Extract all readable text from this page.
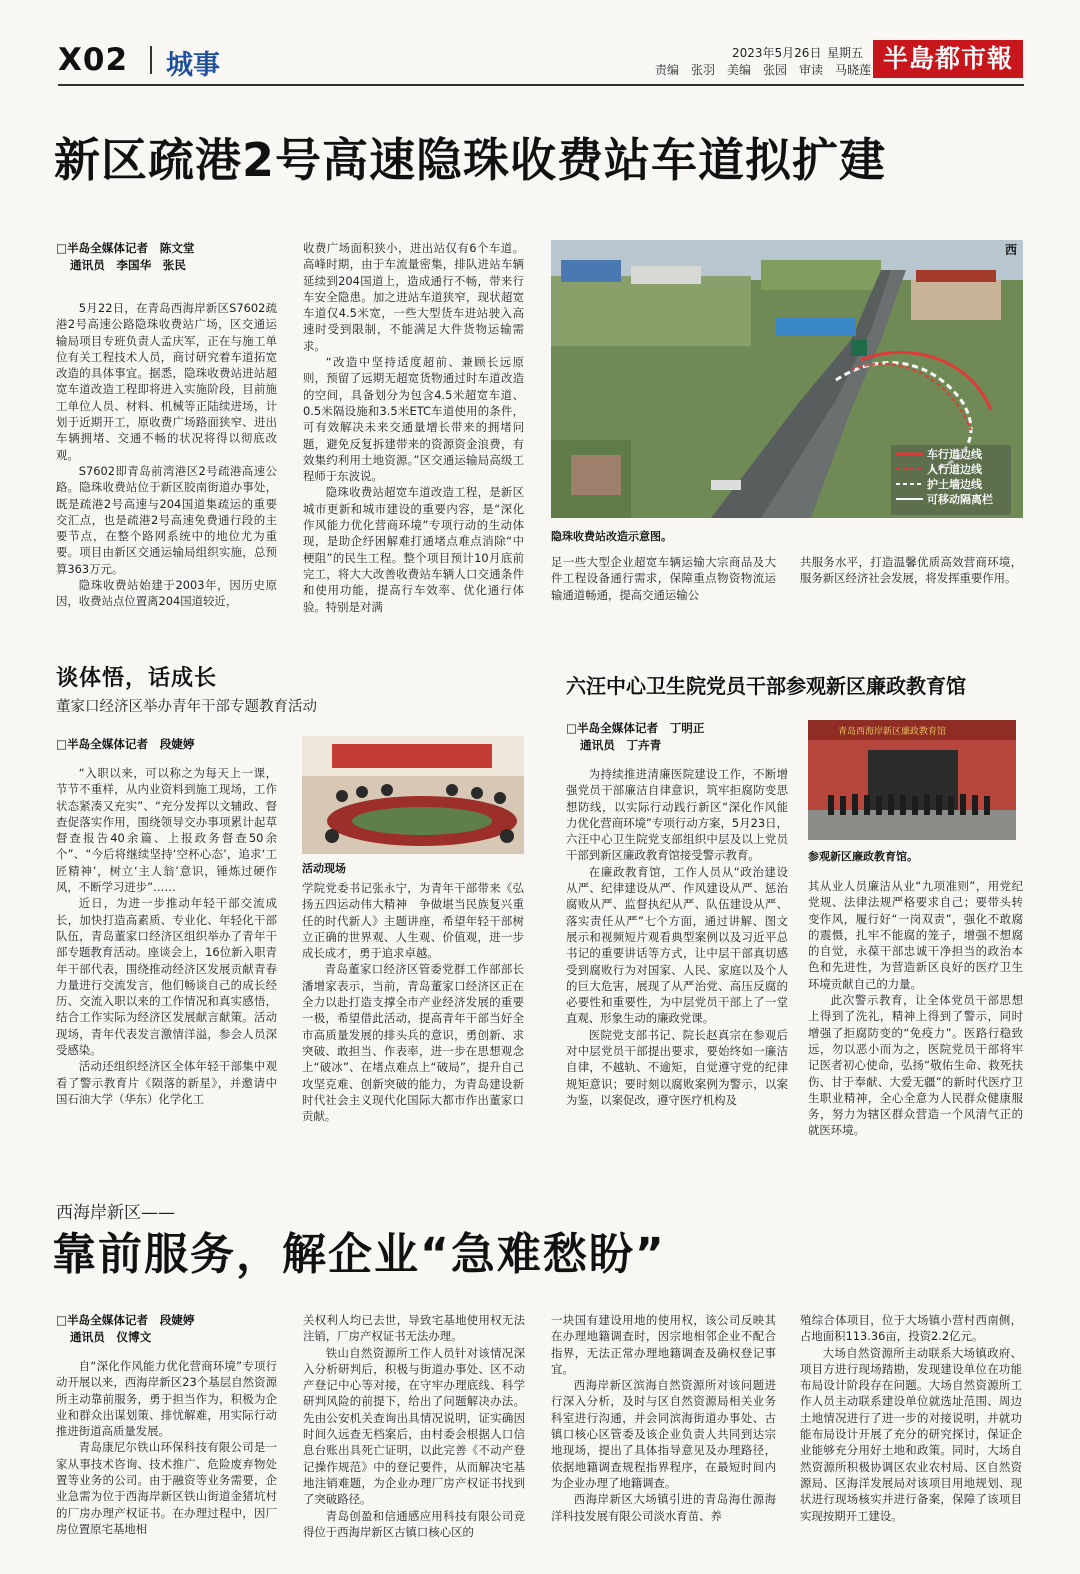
X02 城事	2023年5月26日 星期五
责编　张羽　美编　张园　审读　马晓莲 半島都市報
新区疏港2号高速隐珠收费站车道拟扩建
□半岛全媒体记者　陈文堂
通讯员　李国华　张民

5月22日，在青岛西海岸新区S7602疏港2号高速公路隐珠收费站广场，区交通运输局项目专班负责人孟庆军，正在与施工单位有关工程技术人员，商讨研究着车道拓宽改造的具体事宜。据悉，隐珠收费站进站超宽车道改造工程即将进入实施阶段，目前施工单位人员、材料、机械等正陆续进场，计划于近期开工，原收费广场路面狭窄、进出车辆拥堵、交通不畅的状况将得以彻底改观。

S7602即青岛前湾港区2号疏港高速公路。隐珠收费站位于新区胶南街道办事处，既是疏港2号高速与204国道集疏运的重要交汇点，也是疏港2号高速免费通行段的主要节点，在整个路网系统中的地位尤为重要。项目由新区交通运输局组织实施，总预算363万元。

隐珠收费站始建于2003年，因历史原因，收费站点位置离204国道较近，

收费广场面积狭小，进出站仅有6个车道。高峰时期，由于车流量密集，排队进站车辆延续到204国道上，造成通行不畅，带来行车安全隐患。加之进站车道狭窄，现状超宽车道仅4.5米宽，一些大型货车进站驶入高速时受到限制，不能满足大件货物运输需求。

“改造中坚持适度超前、兼顾长远原则，预留了远期无超宽货物通过时车道改造的空间，具备划分为包含4.5米超宽车道、0.5米隔设施和3.5米ETC车道使用的条件，可有效解决未来交通量增长带来的拥堵问题，避免反复拆建带来的资源资金浪费，有效集约利用土地资源。”区交通运输局高级工程师于东波说。

隐珠收费站超宽车道改造工程，是新区城市更新和城市建设的重要内容，是“深化作风能力优化营商环境”专项行动的生动体现，是助企纾困解难打通堵点难点消除“中梗阻”的民生工程。整个项目预计10月底前完工，将大大改善收费站车辆人口交通条件和使用功能，提高行车效率、优化通行体验。特别是对满

车行道边线
人行道边线
护土墙边线
可移动隔离栏
西
隐珠收费站改造示意图。

足一些大型企业超宽车辆运输大宗商品及大件工程设备通行需求，保障重点物资物流运输通道畅通，提高交通运输公

共服务水平，打造温馨优质高效营商环境，服务新区经济社会发展，将发挥重要作用。

谈体悟，话成长
董家口经济区举办青年干部专题教育活动
□半岛全媒体记者　段婕婷

“入职以来，可以称之为每天上一课，节节不重样，从内业资料到施工现场，工作状态紧凑又充实”、“充分发挥以文辅政、督查促落实作用，围绕领导交办事项累计起草督查报告40余篇、上报政务督查50余个”、“今后将继续坚持‘空杯心态’，追求‘工匠精神’，树立‘主人翁’意识，锤炼过硬作风，不断学习进步”……

近日，为进一步推动年轻干部交流成长，加快打造高素质、专业化、年轻化干部队伍，青岛董家口经济区组织举办了青年干部专题教育活动。座谈会上，16位新入职青年干部代表，围绕推动经济区发展贡献青春力量进行交流发言，他们畅谈自己的成长经历、交流入职以来的工作情况和真实感悟，结合工作实际为经济区发展献言献策。活动现场，青年代表发言激情洋溢，参会人员深受感染。

活动还组织经济区全体年轻干部集中观看了警示教育片《陨落的新星》，并邀请中国石油大学（华东）化学化工

活动现场

学院党委书记张永宁，为青年干部带来《弘扬五四运动伟大精神　争做堪当民族复兴重任的时代新人》主题讲座，希望年轻干部树立正确的世界观、人生观、价值观，进一步成长成才，勇于追求卓越。

青岛董家口经济区管委党群工作部部长潘增家表示，当前，青岛董家口经济区正在全力以赴打造支撑全市产业经济发展的重要一极，希望借此活动，提高青年干部当好全市高质量发展的排头兵的意识，勇创新、求突破、敢担当、作表率，进一步在思想观念上“破冰”、在堵点难点上“破局”，提升自己攻坚克难、创新突破的能力，为青岛建设新时代社会主义现代化国际大都市作出董家口贡献。

六汪中心卫生院党员干部参观新区廉政教育馆
□半岛全媒体记者　丁明正
通讯员　丁卉青

为持续推进清廉医院建设工作，不断增强党员干部廉洁自律意识，筑牢拒腐防变思想防线，以实际行动践行新区“深化作风能力优化营商环境”专项行动方案，5月23日，六汪中心卫生院党支部组织中层及以上党员干部到新区廉政教育馆接受警示教育。

在廉政教育馆，工作人员从“政治建设从严、纪律建设从严、作风建设从严、惩治腐败从严、监督执纪从严、队伍建设从严、落实责任从严”七个方面，通过讲解、图文展示和视频短片观看典型案例以及习近平总书记的重要讲话等方式，让中层干部真切感受到腐败行为对国家、人民、家庭以及个人的巨大危害，展现了从严治党、高压反腐的必要性和重要性，为中层党员干部上了一堂直观、形象生动的廉政党课。

医院党支部书记、院长赵真宗在参观后对中层党员干部提出要求，要始终如一廉洁自律，不越轨、不逾矩，自觉遵守党的纪律规矩意识；要时刻以腐败案例为警示，以案为鉴，以案促改，遵守医疗机构及

青岛西海岸新区廉政教育馆
参观新区廉政教育馆。

其从业人员廉洁从业“九项准则”，用党纪党规、法律法规严格要求自己；要带头转变作风，履行好“一岗双责”，强化不敢腐的震慑，扎牢不能腐的笼子，增强不想腐的自觉，永葆干部忠诚干净担当的政治本色和先进性，为营造新区良好的医疗卫生环境贡献自己的力量。

此次警示教育，让全体党员干部思想上得到了洗礼，精神上得到了警示，同时增强了拒腐防变的“免疫力”。医路行稳致远，勿以恶小而为之，医院党员干部将牢记医者初心使命，弘扬“敬佑生命、救死扶伤、甘于奉献、大爱无疆”的新时代医疗卫生职业精神，全心全意为人民群众健康服务，努力为辖区群众营造一个风清气正的就医环境。

西海岸新区——
靠前服务，解企业“急难愁盼”
□半岛全媒体记者　段婕婷
通讯员　仪博文

自“深化作风能力优化营商环境”专项行动开展以来，西海岸新区23个基层自然资源所主动靠前服务，勇于担当作为，积极为企业和群众出谋划策、排忧解难，用实际行动推进街道高质量发展。

青岛康尼尔铁山环保科技有限公司是一家从事技术咨询、技术推广、危险废弃物处置等业务的公司。由于融资等业务需要，企业急需为位于西海岸新区铁山街道金猪坑村的厂房办理产权证书。在办理过程中，因厂房位置原宅基地相

关权利人均已去世，导致宅基地使用权无法注销，厂房产权证书无法办理。

铁山自然资源所工作人员针对该情况深入分析研判后，积极与街道办事处、区不动产登记中心等对接，在守牢办理底线、科学研判风险的前提下，给出了问题解决办法。先由公安机关查询出具情况说明，证实确因时间久远查无档案后，由村委会根据人口信息台账出具死亡证明，以此完善《不动产登记操作规范》中的登记要件，从而解决宅基地注销难题，为企业办理厂房产权证书找到了突破路径。

青岛创盈和信通感应用科技有限公司竞得位于西海岸新区古镇口核心区的

一块国有建设用地的使用权，该公司反映其在办理地籍调查时，因宗地相邻企业不配合指界，无法正常办理地籍调查及确权登记事宜。

西海岸新区滨海自然资源所对该问题进行深入分析，及时与区自然资源局相关业务科室进行沟通，并会同滨海街道办事处、古镇口核心区管委及该企业负责人共同到达宗地现场，提出了具体指导意见及办理路径，依据地籍调查规程指界程序，在最短时间内为企业办理了地籍调查。

西海岸新区大场镇引进的青岛海仕源海洋科技发展有限公司淡水育苗、养

殖综合体项目，位于大场镇小营村西南侧，占地面积113.36亩，投资2.2亿元。

大场自然资源所主动联系大场镇政府、项目方进行现场踏勘，发现建设单位在功能布局设计阶段存在问题。大场自然资源所工作人员主动联系建设单位就选址范围、周边土地情况进行了进一步的对接说明，并就功能布局设计开展了充分的研究探讨，保证企业能够充分用好土地和政策。同时，大场自然资源所积极协调区农业农村局、区自然资源局、区海洋发展局对该项目用地规划、现状进行现场核实并进行备案，保障了该项目实现按期开工建设。
